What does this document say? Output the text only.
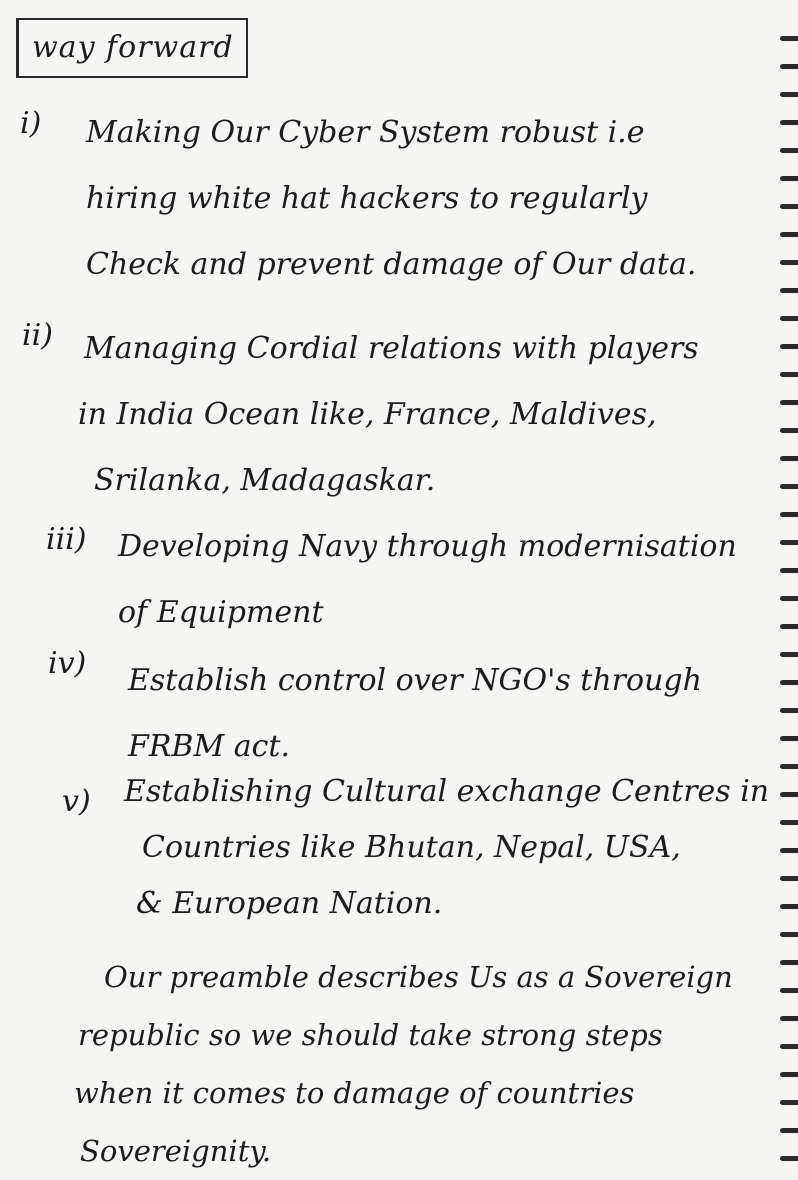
way forward
i) Making Our Cyber System robust i.e
hiring white hat hackers to regularly
Check and prevent damage of Our data.
ii) Managing Cordial relations with players
in India Ocean like, France, Maldives,
Srilanka, Madagaskar.
iii) Developing Navy through modernisation
of Equipment
iv) Establish control over NGO's through
FRBM act.
v) Establishing Cultural exchange Centres in
Countries like Bhutan, Nepal, USA,
& European Nation.
Our preamble describes Us as a Sovereign
republic so we should take strong steps
when it comes to damage of countries
Sovereignity.
